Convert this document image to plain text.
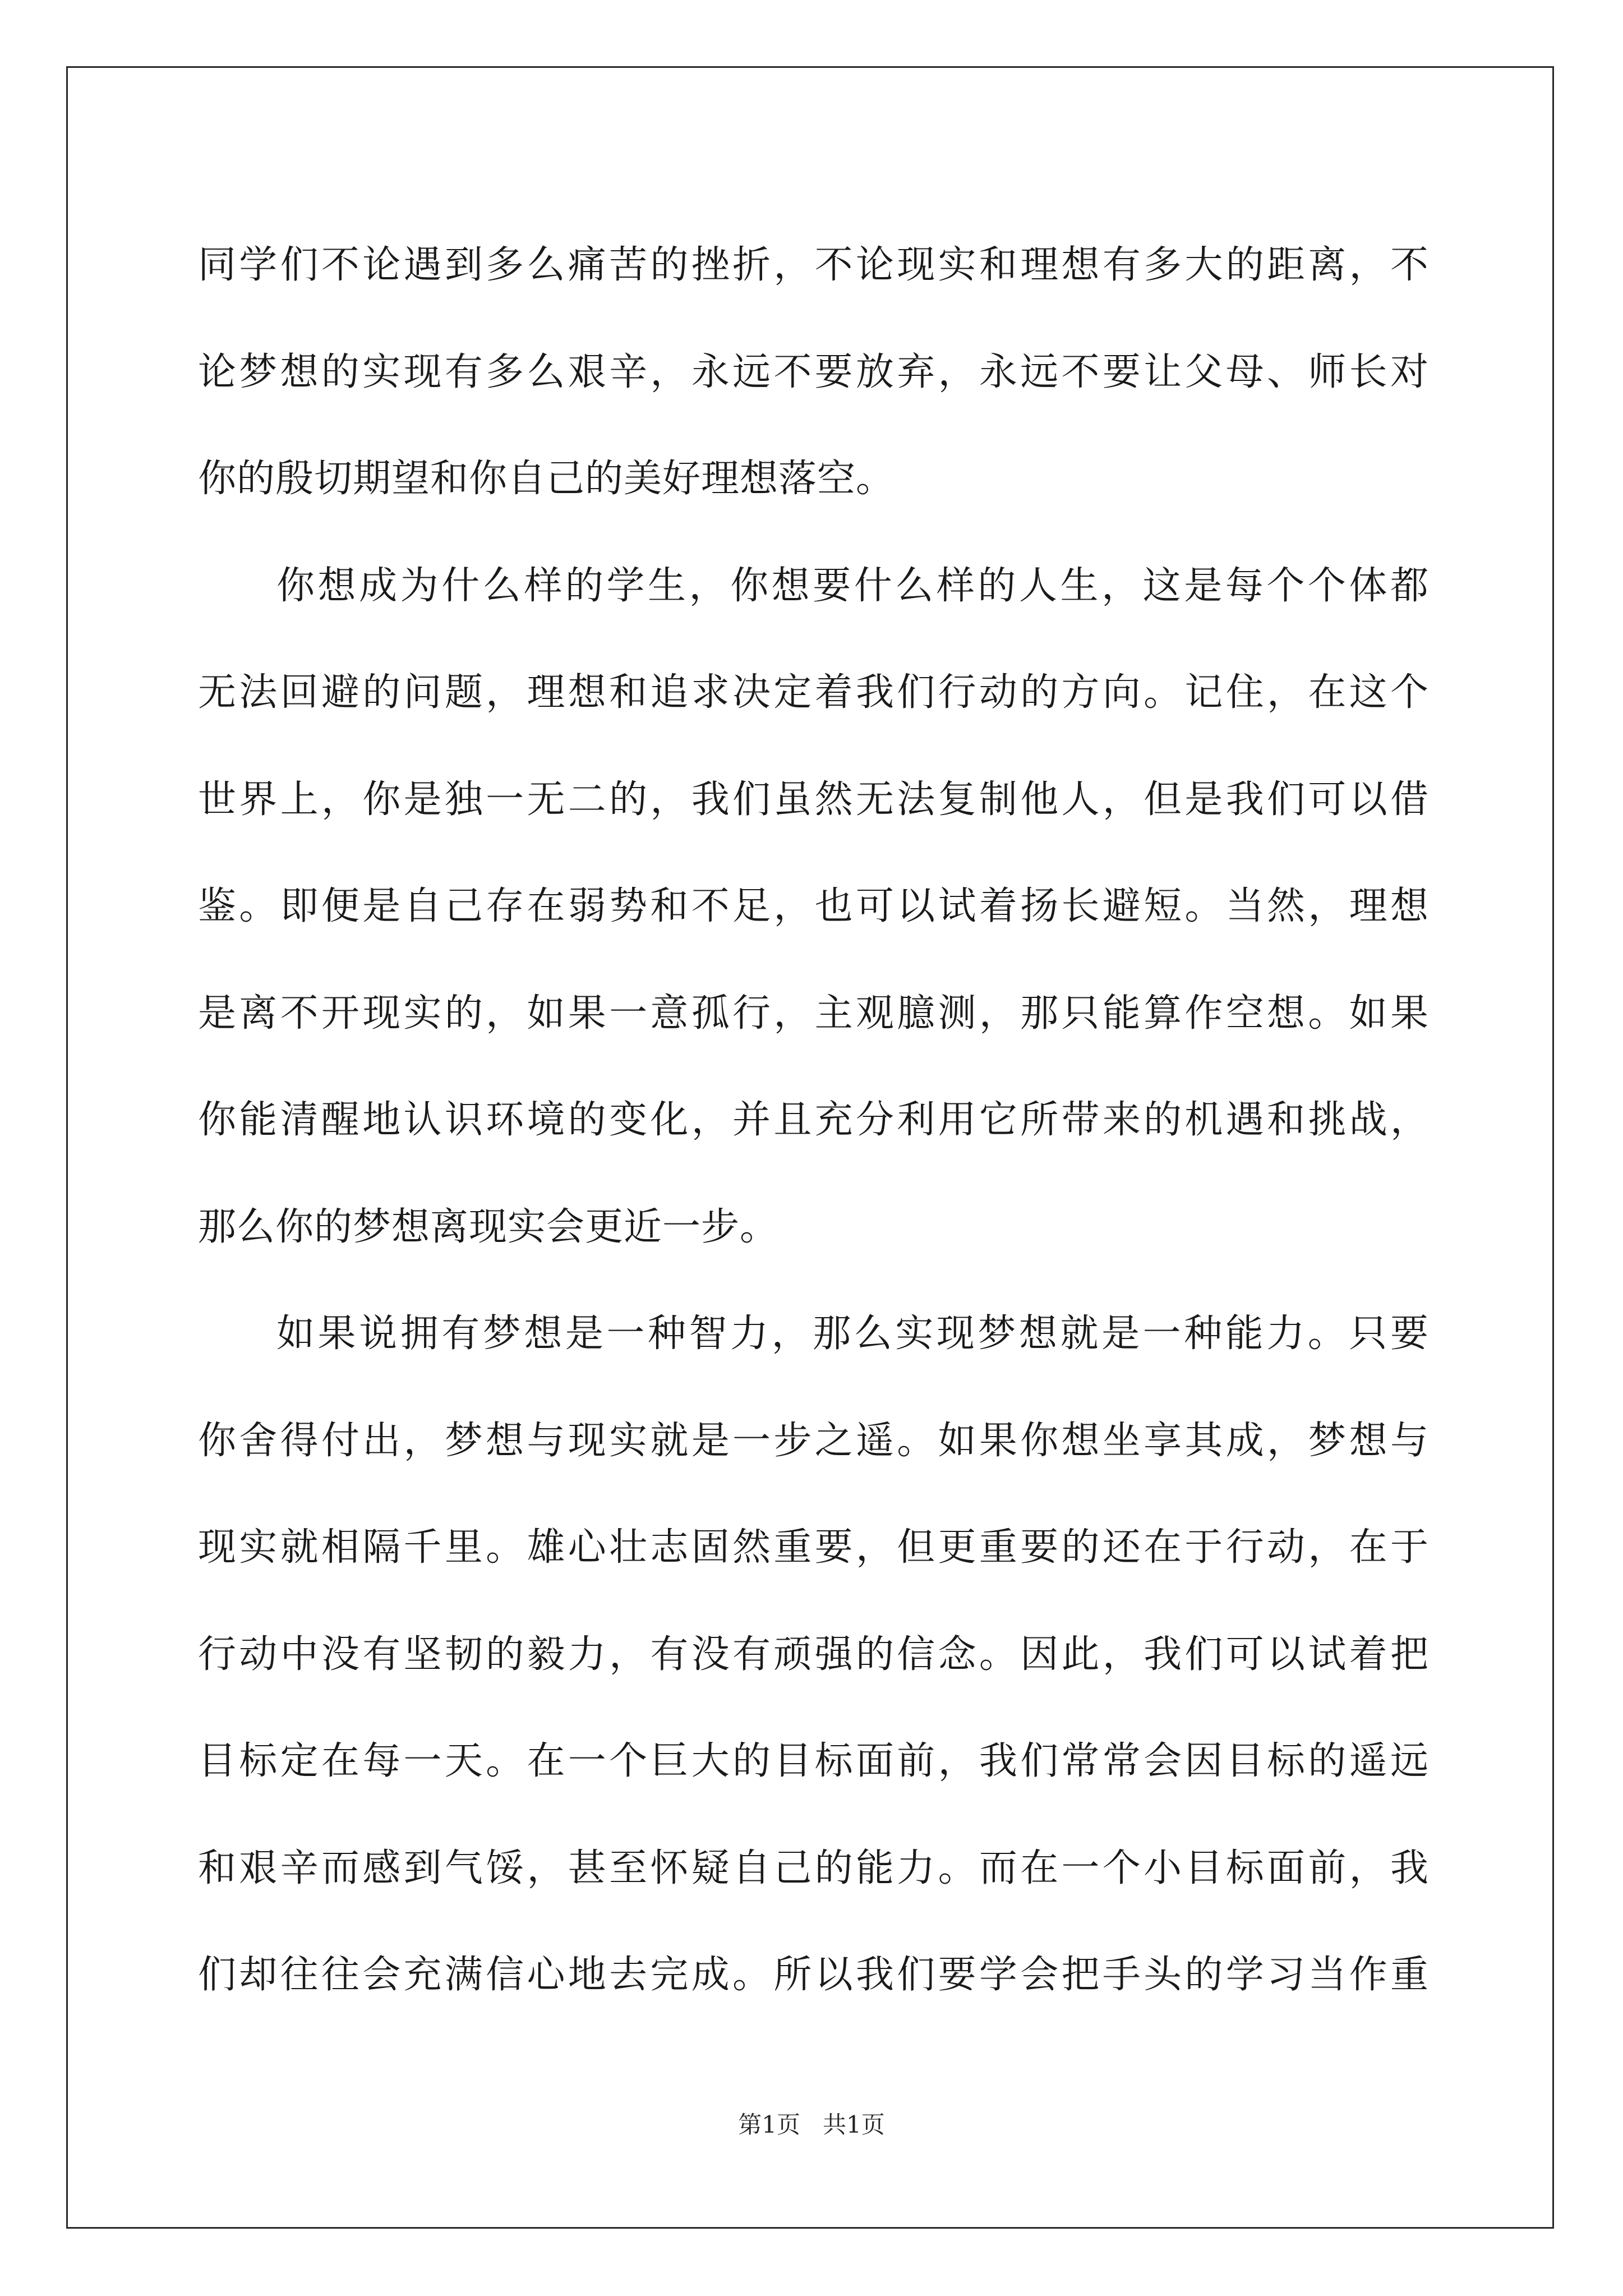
同学们不论遇到多么痛苦的挫折，不论现实和理想有多大的距离，不
论梦想的实现有多么艰辛，永远不要放弃，永远不要让父母、师长对
你的殷切期望和你自己的美好理想落空。
你想成为什么样的学生，你想要什么样的人生，这是每个个体都
无法回避的问题，理想和追求决定着我们行动的方向。记住，在这个
世界上，你是独一无二的，我们虽然无法复制他人，但是我们可以借
鉴。即便是自己存在弱势和不足，也可以试着扬长避短。当然，理想
是离不开现实的，如果一意孤行，主观臆测，那只能算作空想。如果
你能清醒地认识环境的变化，并且充分利用它所带来的机遇和挑战，
那么你的梦想离现实会更近一步。
如果说拥有梦想是一种智力，那么实现梦想就是一种能力。只要
你舍得付出，梦想与现实就是一步之遥。如果你想坐享其成，梦想与
现实就相隔千里。雄心壮志固然重要，但更重要的还在于行动，在于
行动中没有坚韧的毅力，有没有顽强的信念。因此，我们可以试着把
目标定在每一天。在一个巨大的目标面前，我们常常会因目标的遥远
和艰辛而感到气馁，甚至怀疑自己的能力。而在一个小目标面前，我
们却往往会充满信心地去完成。所以我们要学会把手头的学习当作重
第1页 共1页
